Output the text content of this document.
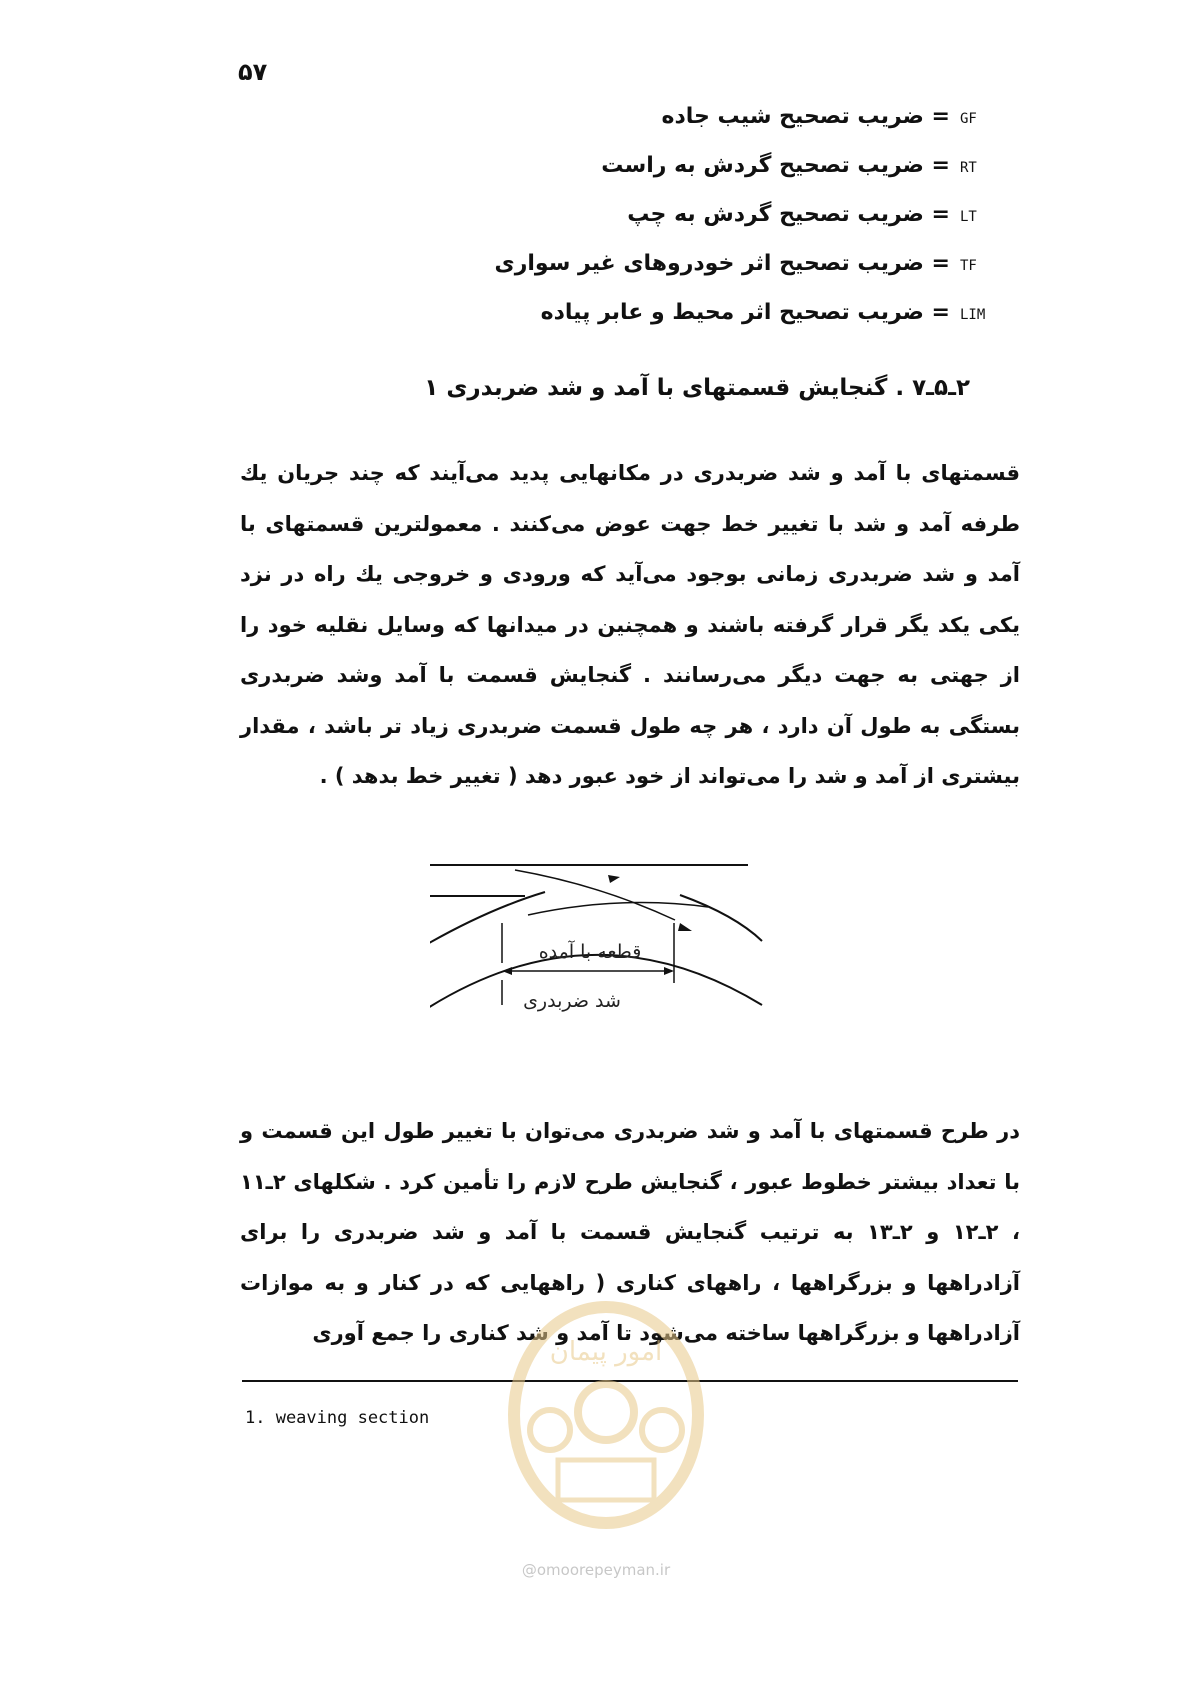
۵۷
= ضریب تصحیح شیب جاده GF
= ضریب تصحیح گردش به راست RT
= ضریب تصحیح گردش به چپ LT
= ضریب تصحیح اثر خودروهای غیر سواری TF
= ضریب تصحیح اثر محیط و عابر پیاده LIM
۲ـ۵ـ۷ . گنجایش قسمتهای با آمد و شد ضربدری ۱
قسمتهای با آمد و شد ضربدری در مکانهایی پدید می‌آیند که چند جریان یك طرفه آمد و شد با تغییر خط جهت عوض می‌کنند . معمولترین قسمتهای با آمد و شد ضربدری زمانی بوجود می‌آید که ورودی و خروجی یك راه در نزد یکی یکد یگر قرار گرفته باشند و همچنین در میدانها که وسایل نقلیه خود را از جهتی به جهت دیگر می‌رسانند . گنجایش قسمت با آمد وشد ضربدری بستگی به طول آن دارد ، هر چه طول قسمت ضربدری زیاد تر باشد ، مقدار بیشتری از آمد و شد را می‌تواند از خود عبور دهد ( تغییر خط بدهد ) .
قطعه با آمده
شد ضربدری
در طرح قسمتهای با آمد و شد ضربدری می‌توان با تغییر طول این قسمت و با تعداد بیشتر خطوط عبور ، گنجایش طرح لازم را تأمین کرد . شکلهای ۲ـ۱۱ ، ۲ـ۱۲ و ۲ـ۱۳ به ترتیب گنجایش قسمت با آمد و شد ضربدری را برای آزادراهها و بزرگراهها ، راههای کناری ( راههایی که در کنار و به موازات آزادراهها و بزرگراهها ساخته می‌شود تا آمد و شد کناری را جمع آوری
1. weaving section
امور پیمان
@omoorepeyman.ir
